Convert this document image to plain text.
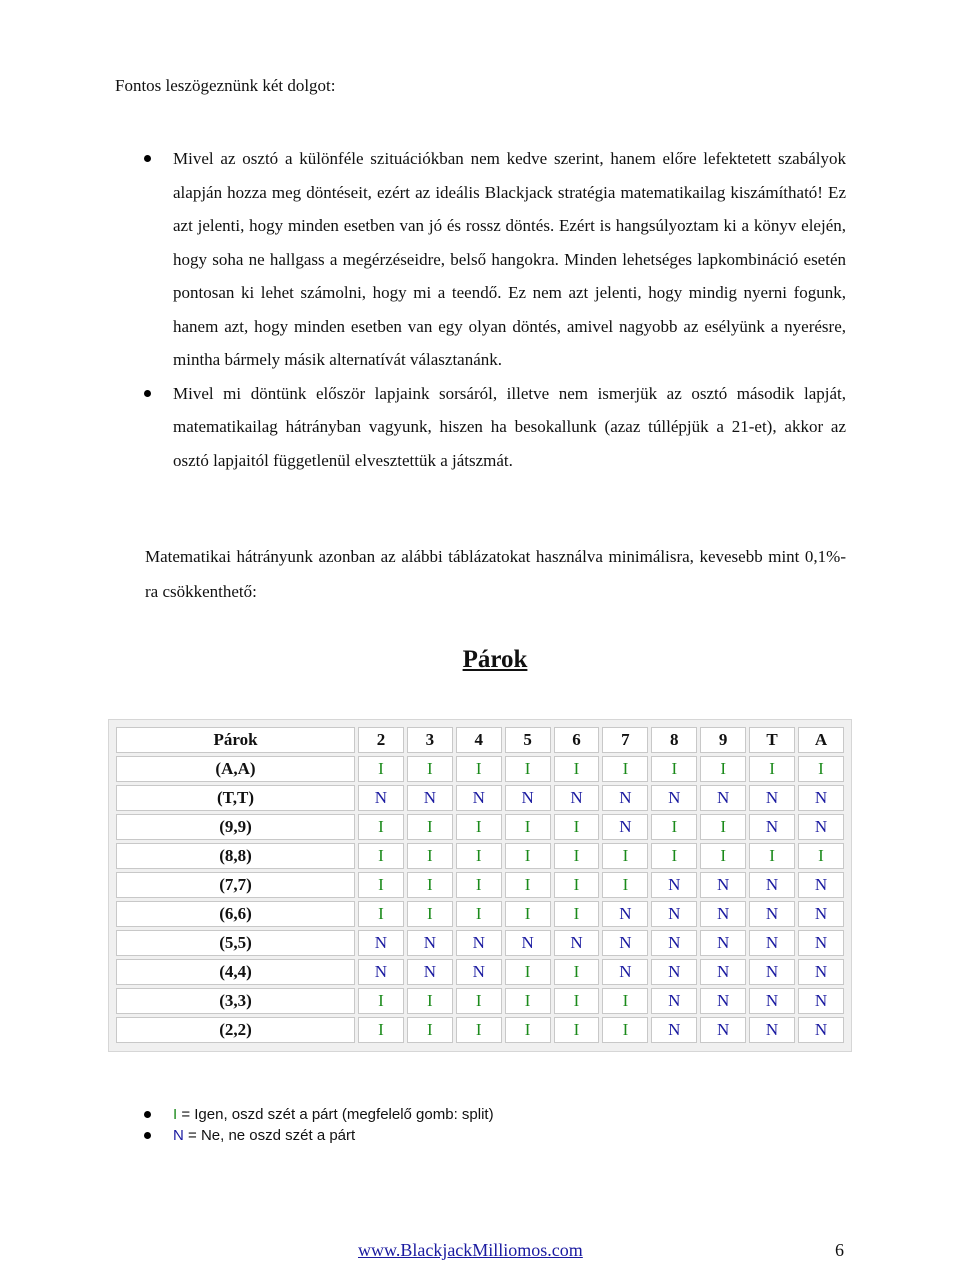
Fontos leszögeznünk két dolgot:
Mivel az osztó a különféle szituációkban nem kedve szerint, hanem előre lefektetett szabályok alapján hozza meg döntéseit, ezért az ideális Blackjack stratégia matematikailag kiszámítható! Ez azt jelenti, hogy minden esetben van jó és rossz döntés. Ezért is hangsúlyoztam ki a könyv elején, hogy soha ne hallgass a megérzéseidre, belső hangokra. Minden lehetséges lapkombináció esetén pontosan ki lehet számolni, hogy mi a teendő. Ez nem azt jelenti, hogy mindig nyerni fogunk, hanem azt, hogy minden esetben van egy olyan döntés, amivel nagyobb az esélyünk a nyerésre, mintha bármely másik alternatívát választanánk.
Mivel mi döntünk először lapjaink sorsáról, illetve nem ismerjük az osztó második lapját, matematikailag hátrányban vagyunk, hiszen ha besokallunk (azaz túllépjük a 21-et), akkor az osztó lapjaitól függetlenül elvesztettük a játszmát.
Matematikai hátrányunk azonban az alábbi táblázatokat használva minimálisra, kevesebb mint 0,1%-ra csökkenthető:
Párok
Párok	2	3	4	5	6	7	8	9	T	A
(A,A)	I	I	I	I	I	I	I	I	I	I
(T,T)	N	N	N	N	N	N	N	N	N	N
(9,9)	I	I	I	I	I	N	I	I	N	N
(8,8)	I	I	I	I	I	I	I	I	I	I
(7,7)	I	I	I	I	I	I	N	N	N	N
(6,6)	I	I	I	I	I	N	N	N	N	N
(5,5)	N	N	N	N	N	N	N	N	N	N
(4,4)	N	N	N	I	I	N	N	N	N	N
(3,3)	I	I	I	I	I	I	N	N	N	N
(2,2)	I	I	I	I	I	I	N	N	N	N
I = Igen, oszd szét a párt (megfelelő gomb: split)
N = Ne, ne oszd szét a párt
www.BlackjackMilliomos.com	6
